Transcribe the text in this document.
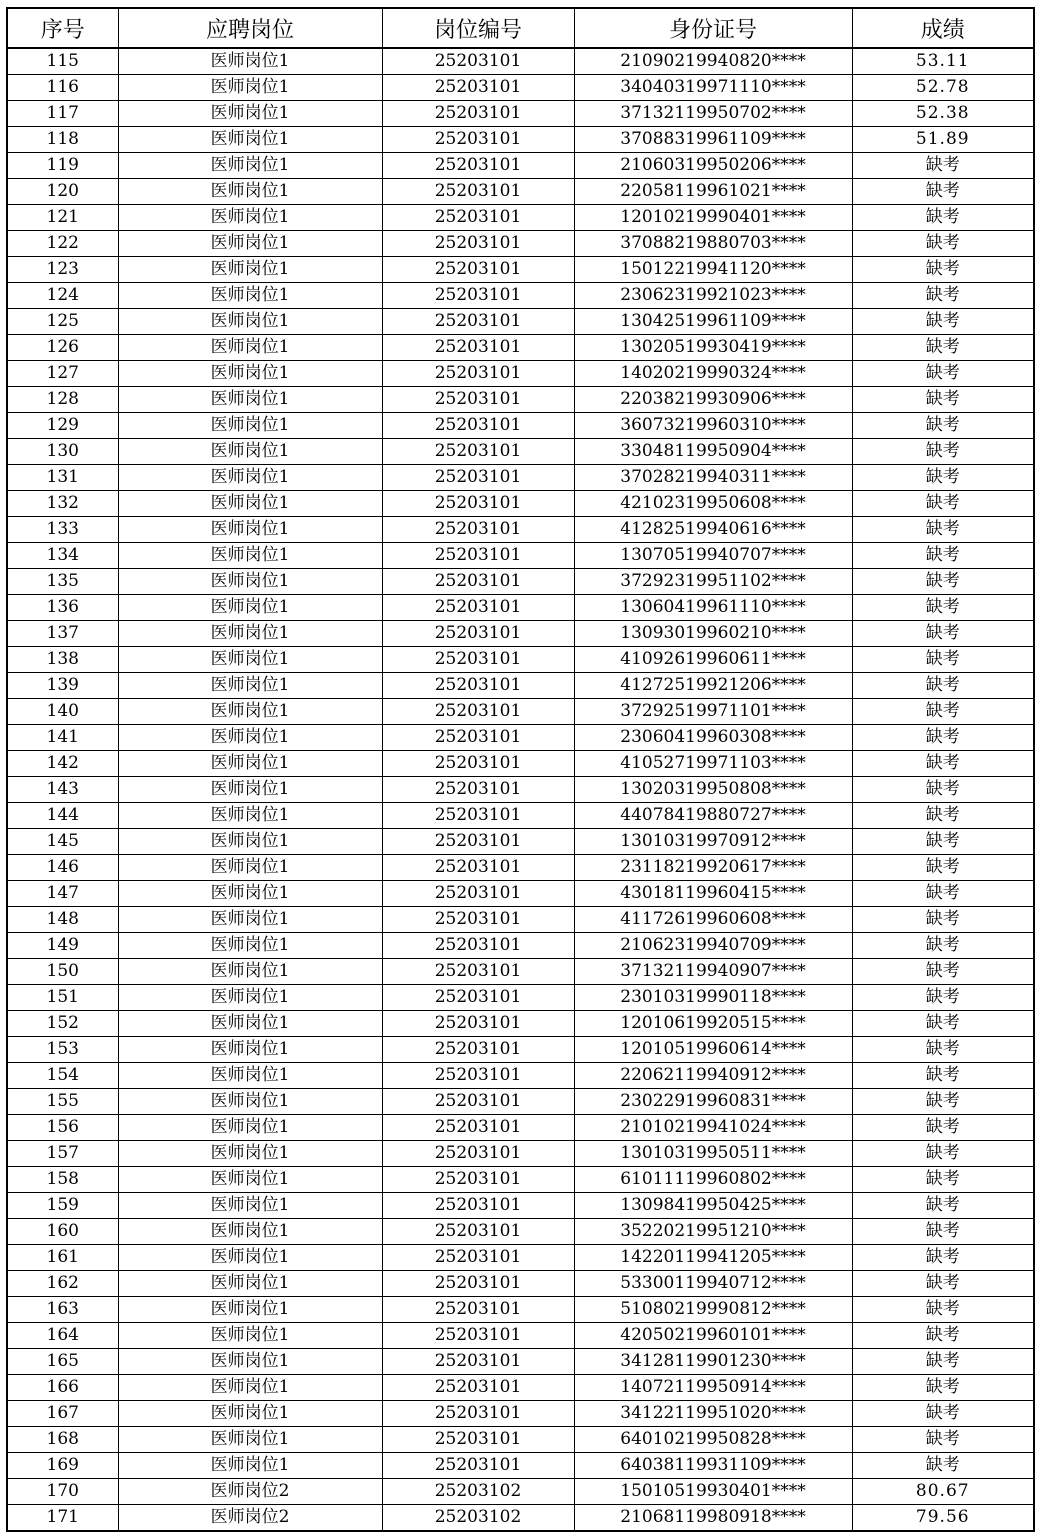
序号	应聘岗位	岗位编号	身份证号	成绩
115	医师岗位1	25203101	21090219940820****	53.11
116	医师岗位1	25203101	34040319971110****	52.78
117	医师岗位1	25203101	37132119950702****	52.38
118	医师岗位1	25203101	37088319961109****	51.89
119	医师岗位1	25203101	21060319950206****	缺考
120	医师岗位1	25203101	22058119961021****	缺考
121	医师岗位1	25203101	12010219990401****	缺考
122	医师岗位1	25203101	37088219880703****	缺考
123	医师岗位1	25203101	15012219941120****	缺考
124	医师岗位1	25203101	23062319921023****	缺考
125	医师岗位1	25203101	13042519961109****	缺考
126	医师岗位1	25203101	13020519930419****	缺考
127	医师岗位1	25203101	14020219990324****	缺考
128	医师岗位1	25203101	22038219930906****	缺考
129	医师岗位1	25203101	36073219960310****	缺考
130	医师岗位1	25203101	33048119950904****	缺考
131	医师岗位1	25203101	37028219940311****	缺考
132	医师岗位1	25203101	42102319950608****	缺考
133	医师岗位1	25203101	41282519940616****	缺考
134	医师岗位1	25203101	13070519940707****	缺考
135	医师岗位1	25203101	37292319951102****	缺考
136	医师岗位1	25203101	13060419961110****	缺考
137	医师岗位1	25203101	13093019960210****	缺考
138	医师岗位1	25203101	41092619960611****	缺考
139	医师岗位1	25203101	41272519921206****	缺考
140	医师岗位1	25203101	37292519971101****	缺考
141	医师岗位1	25203101	23060419960308****	缺考
142	医师岗位1	25203101	41052719971103****	缺考
143	医师岗位1	25203101	13020319950808****	缺考
144	医师岗位1	25203101	44078419880727****	缺考
145	医师岗位1	25203101	13010319970912****	缺考
146	医师岗位1	25203101	23118219920617****	缺考
147	医师岗位1	25203101	43018119960415****	缺考
148	医师岗位1	25203101	41172619960608****	缺考
149	医师岗位1	25203101	21062319940709****	缺考
150	医师岗位1	25203101	37132119940907****	缺考
151	医师岗位1	25203101	23010319990118****	缺考
152	医师岗位1	25203101	12010619920515****	缺考
153	医师岗位1	25203101	12010519960614****	缺考
154	医师岗位1	25203101	22062119940912****	缺考
155	医师岗位1	25203101	23022919960831****	缺考
156	医师岗位1	25203101	21010219941024****	缺考
157	医师岗位1	25203101	13010319950511****	缺考
158	医师岗位1	25203101	61011119960802****	缺考
159	医师岗位1	25203101	13098419950425****	缺考
160	医师岗位1	25203101	35220219951210****	缺考
161	医师岗位1	25203101	14220119941205****	缺考
162	医师岗位1	25203101	53300119940712****	缺考
163	医师岗位1	25203101	51080219990812****	缺考
164	医师岗位1	25203101	42050219960101****	缺考
165	医师岗位1	25203101	34128119901230****	缺考
166	医师岗位1	25203101	14072119950914****	缺考
167	医师岗位1	25203101	34122119951020****	缺考
168	医师岗位1	25203101	64010219950828****	缺考
169	医师岗位1	25203101	64038119931109****	缺考
170	医师岗位2	25203102	15010519930401****	80.67
171	医师岗位2	25203102	21068119980918****	79.56
